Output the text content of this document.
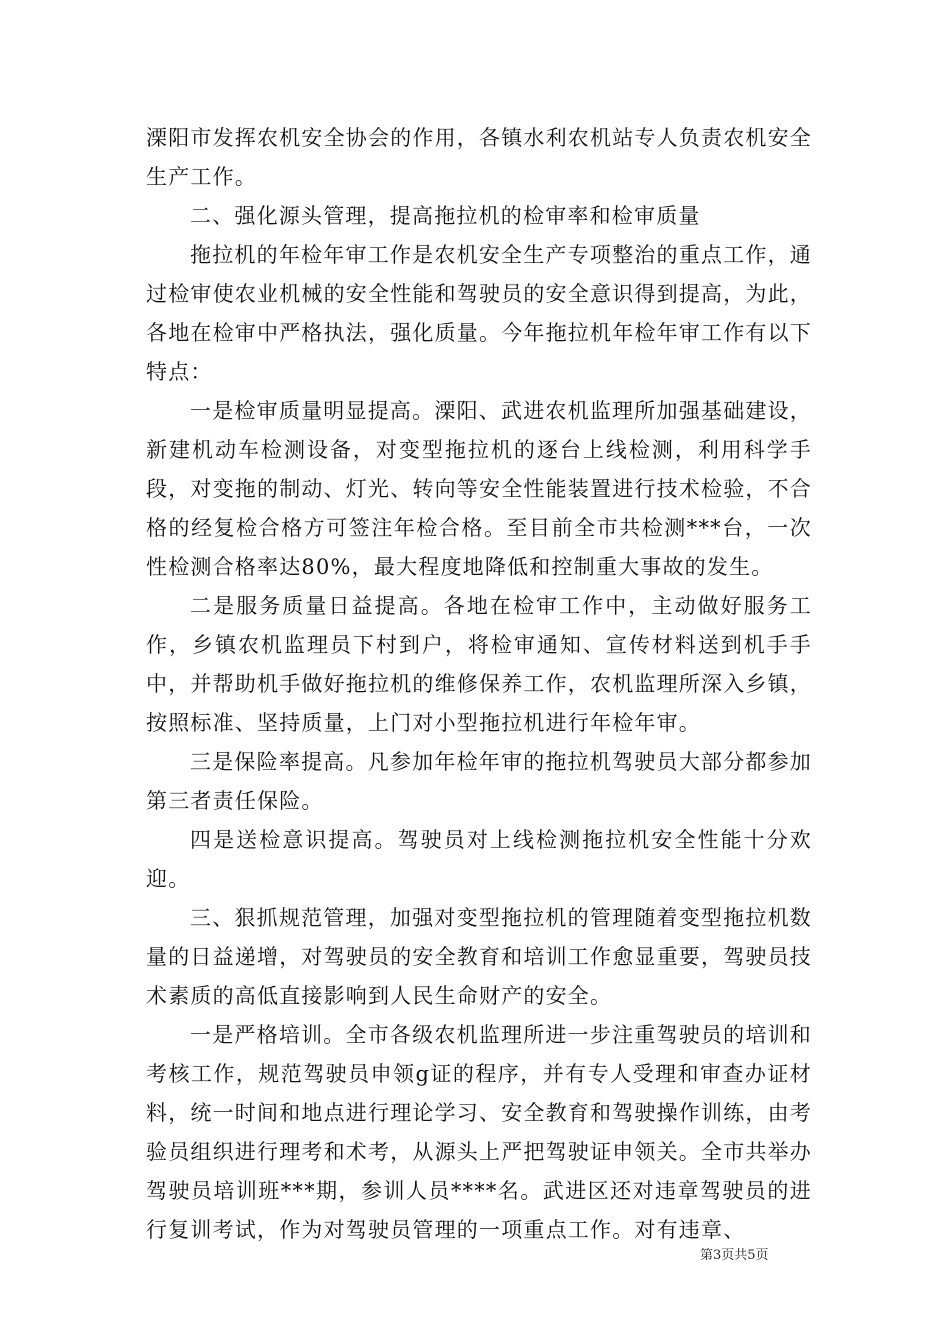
溧阳市发挥农机安全协会的作用，各镇水利农机站专人负责农机安全生产工作。

二、强化源头管理，提高拖拉机的检审率和检审质量

拖拉机的年检年审工作是农机安全生产专项整治的重点工作，通过检审使农业机械的安全性能和驾驶员的安全意识得到提高，为此，各地在检审中严格执法，强化质量。今年拖拉机年检年审工作有以下特点：

一是检审质量明显提高。溧阳、武进农机监理所加强基础建设，新建机动车检测设备，对变型拖拉机的逐台上线检测，利用科学手段，对变拖的制动、灯光、转向等安全性能装置进行技术检验，不合格的经复检合格方可签注年检合格。至目前全市共检测***台，一次性检测合格率达80%，最大程度地降低和控制重大事故的发生。

二是服务质量日益提高。各地在检审工作中，主动做好服务工作，乡镇农机监理员下村到户，将检审通知、宣传材料送到机手手中，并帮助机手做好拖拉机的维修保养工作，农机监理所深入乡镇，按照标准、坚持质量，上门对小型拖拉机进行年检年审。

三是保险率提高。凡参加年检年审的拖拉机驾驶员大部分都参加第三者责任保险。

四是送检意识提高。驾驶员对上线检测拖拉机安全性能十分欢迎。

三、狠抓规范管理，加强对变型拖拉机的管理随着变型拖拉机数量的日益递增，对驾驶员的安全教育和培训工作愈显重要，驾驶员技术素质的高低直接影响到人民生命财产的安全。

一是严格培训。全市各级农机监理所进一步注重驾驶员的培训和考核工作，规范驾驶员申领g证的程序，并有专人受理和审查办证材料，统一时间和地点进行理论学习、安全教育和驾驶操作训练，由考验员组织进行理考和术考，从源头上严把驾驶证申领关。全市共举办驾驶员培训班***期，参训人员****名。武进区还对违章驾驶员的进行复训考试，作为对驾驶员管理的一项重点工作。对有违章、

第3页共5页
